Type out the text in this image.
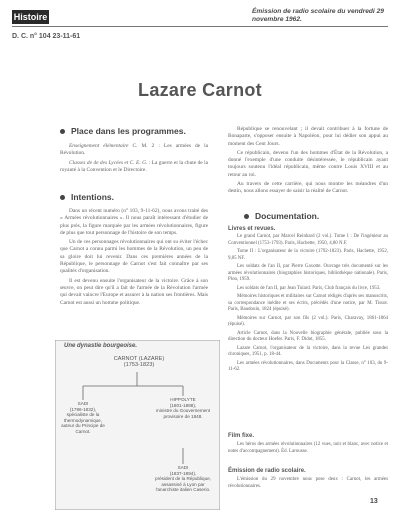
Histoire
D. C. n° 104 23-11-61
Émission de radio scolaire du vendredi 29 novembre 1962.
Lazare Carnot
Place dans les programmes.

Enseignement élémentaire C. M. 2 : Les armées de la Révolution.

Classes de 4e des Lycées et C. E. G. : La guerre et la chute de la royauté à la Convention et le Directoire.

Intentions.

Dans un récent numéro (n° 103, 9-11-62), nous avons traité des « Armées révolutionnaires ». Il nous paraît intéressant d'étudier de plus près, la figure marquée par les armées révolutionnaires, figure de plus que tout personnage de l'histoire de son temps.

Un de ces personnages révolutionnaires qui ont su éviter l'échec que Carnot a connu parmi les hommes de la Révolution, un peu de sa gloire doit lui revenir. Dans ces premières années de la République, le personnage de Carnot s'est fait connaître par ses qualités d'organisation.

Il est devenu ensuite l'organisateur de la victoire. Grâce à son œuvre, on peut dire qu'il a fait de l'armée de la Révolution l'armée qui devait vaincre l'Europe et assurer à la nation ses frontières. Mais Carnot est aussi un homme politique.

Une dynastie bourgeoise.
CARNOT (LAZARE)
(1753-1823)
SADI
(1796-1832),
spécialiste de la thermodynamique, auteur du Principe de Carnot.
HIPPOLYTE
(1801-1888),
ministre du Gouvernement provisoire de 1848.
SADI
(1837-1894),
président de la République, assassiné à Lyon par l'anarchiste italien Caserio.

République se renouvelant ; il devait contribuer à la fortune de Bonaparte, s'opposer ensuite à Napoléon, pour lui dédier son appui au moment des Cent Jours.

Ce républicain, devenu l'un des hommes d'État de la Révolution, a donné l'exemple d'une conduite désintéressée, le républicain ayant toujours soutenu l'idéal républicain, même contre Louis XVIII et au retour au roi.

Au travers de cette carrière, qui nous montre les méandres d'un destin, nous allons essayer de saisir la réalité de Carnot.

Documentation.
Livres et revues.

Le grand Carnot, par Marcel Reinhard (2 vol.). Tome I : De l'ingénieur au Conventionnel (1753-1793). Paris, Hachette, 1950, 4,80 N.F.

Tome II : L'organisateur de la victoire (1792-1823). Paris, Hachette, 1952, 9,85 NF.

Les soldats de l'an II, par Pierre Gaxotte. Ouvrage très documenté sur les armées révolutionnaires (biographies historiques, bibliothèque nationale). Paris, Plon, 1959.

Les soldats de l'an II, par Jean Tulard. Paris, Club français du livre, 1953.

Mémoires historiques et militaires sur Carnot rédigés d'après ses manuscrits, sa correspondance inédite et ses écrits, précédés d'une notice, par M. Tissot. Paris, Baudouin, 1824 (épuisé).

Mémoires sur Carnot, par son fils (2 vol.). Paris, Charavay, 1861-1864 (épuisé).

Article Carnot, dans la Nouvelle biographie générale, publiée sous la direction du docteur Hoefer. Paris, F. Didot, 1855.

Lazare Carnot, l'organisateur de la victoire, dans la revue Les grandes chroniques, 1951, p. 18-44.

Les armées révolutionnaires, dans Documents pour la Classe, n° 103, du 9-11-62.

Film fixe.

Les héros des armées révolutionnaires (12 vues, noir et blanc, avec notice et notes d'accompagnement). Éd. Larousse.

Émission de radio scolaire.

L'émission du 29 novembre nous pose deux : Carnot, les armées révolutionnaires.

13
